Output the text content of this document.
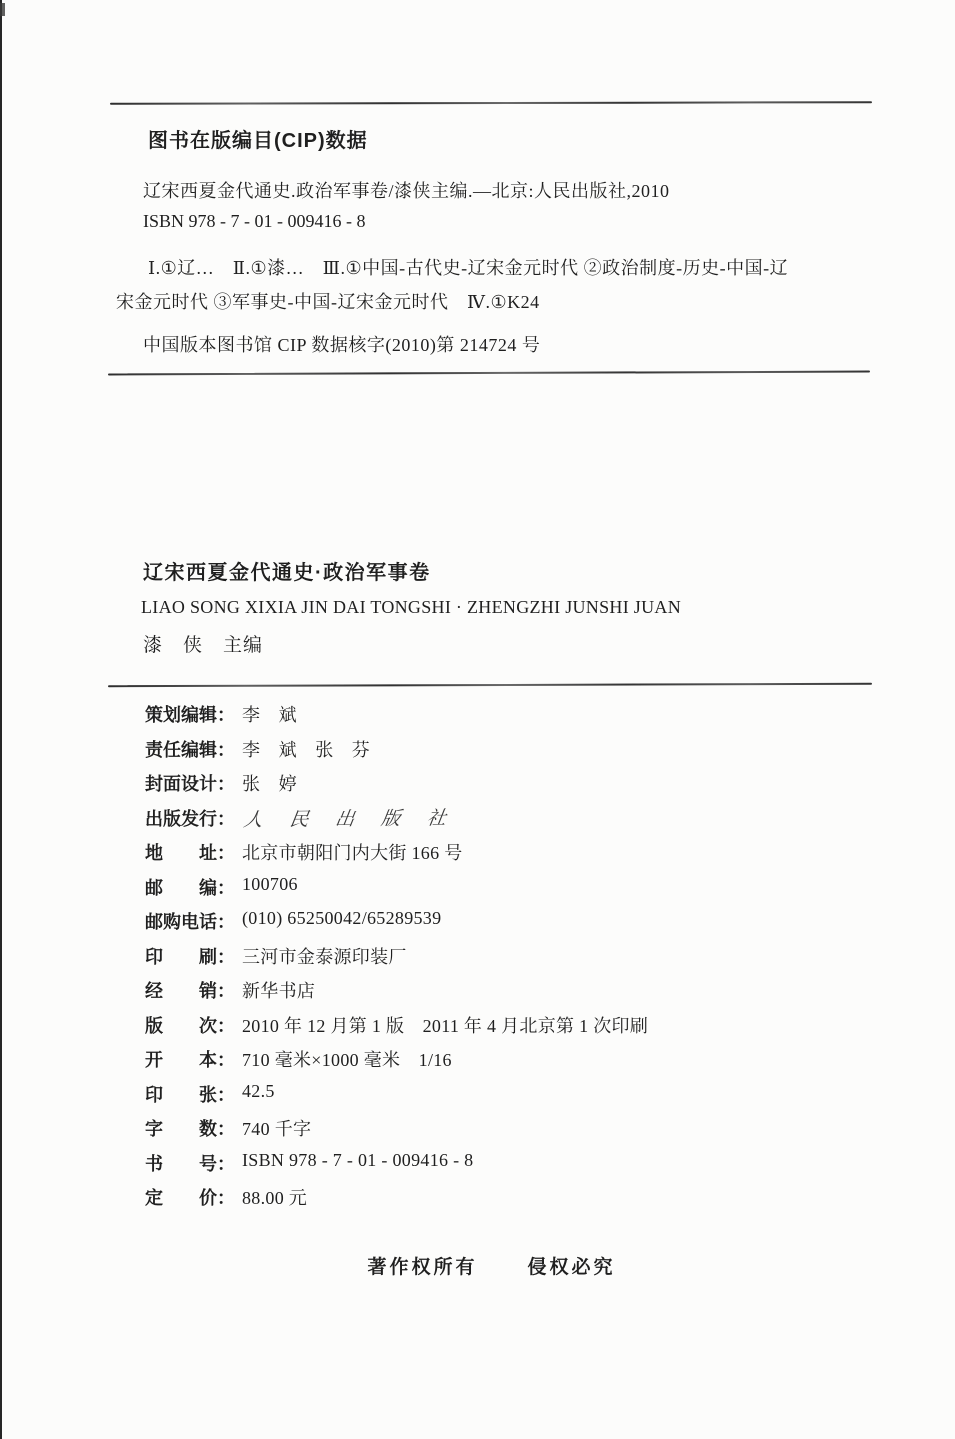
图书在版编目(CIP)数据
辽宋西夏金代通史.政治军事卷/漆侠主编.—北京:人民出版社,2010
ISBN 978 - 7 - 01 - 009416 - 8
Ⅰ.①辽…　Ⅱ.①漆…　Ⅲ.①中国-古代史-辽宋金元时代 ②政治制度-历史-中国-辽
宋金元时代 ③军事史-中国-辽宋金元时代　Ⅳ.①K24
中国版本图书馆 CIP 数据核字(2010)第 214724 号
辽宋西夏金代通史·政治军事卷
LIAO SONG XIXIA JIN DAI TONGSHI · ZHENGZHI JUNSHI JUAN
漆　侠　主编
策划编辑 ： 李　斌
责任编辑 ： 李　斌　张　芬
封面设计 ： 张　婷
出版发行 ： 人 民 出 版 社
地　　址 ： 北京市朝阳门内大街 166 号
邮　　编 ： 100706
邮购电话 ： (010) 65250042/65289539
印　　刷 ： 三河市金泰源印装厂
经　　销 ： 新华书店
版　　次 ： 2010 年 12 月第 1 版　2011 年 4 月北京第 1 次印刷
开　　本 ： 710 毫米×1000 毫米　1/16
印　　张 ： 42.5
字　　数 ： 740 千字
书　　号 ： ISBN 978 - 7 - 01 - 009416 - 8
定　　价 ： 88.00 元
著作权所有	侵权必究
